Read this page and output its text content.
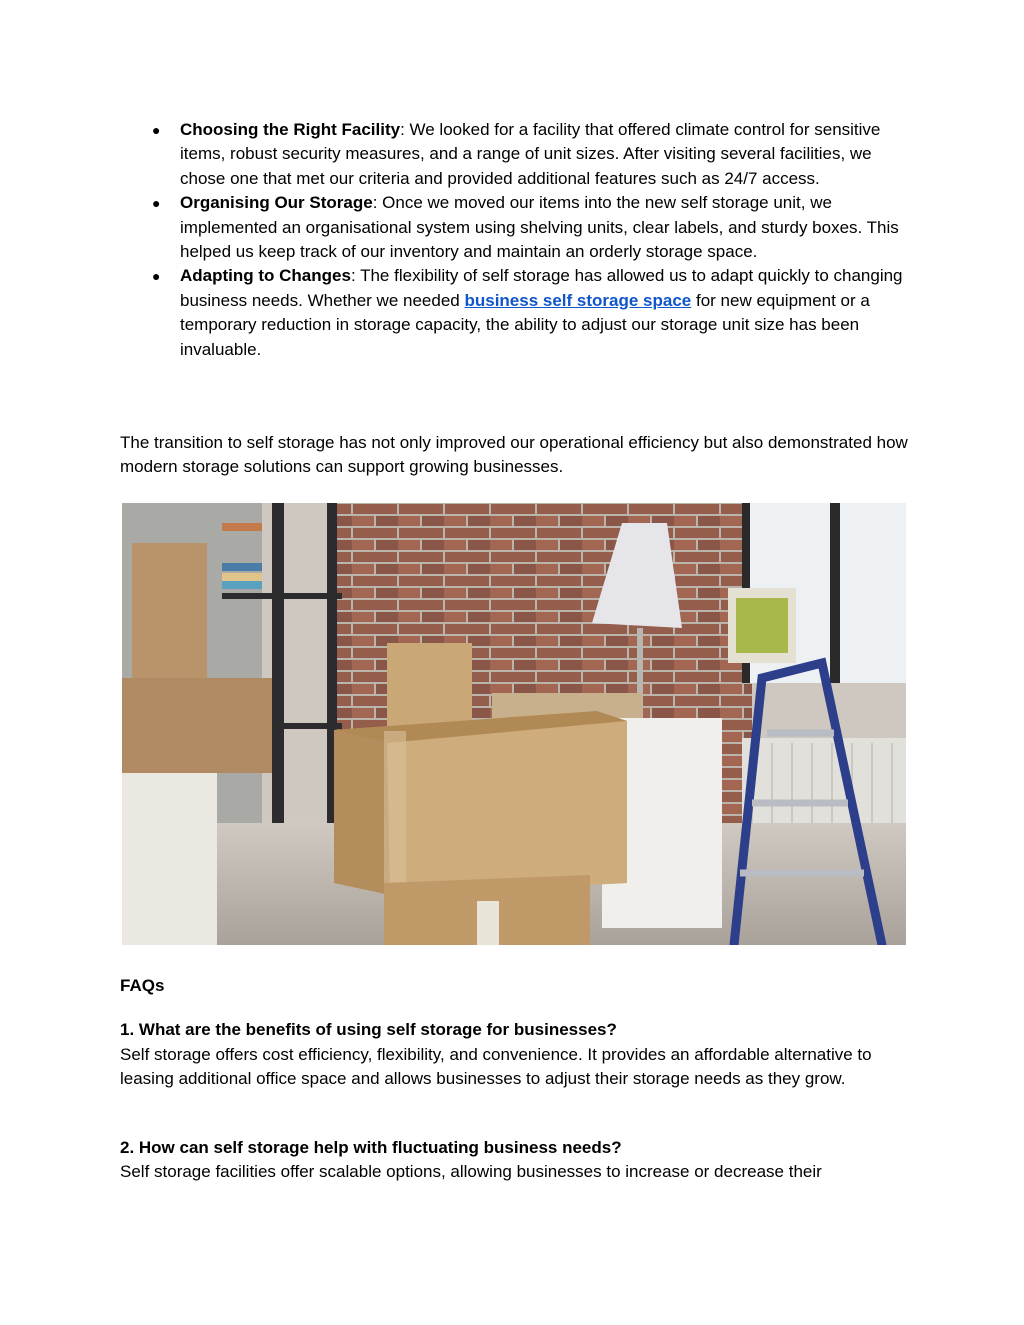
● Choosing the Right Facility: We looked for a facility that offered climate control for sensitive items, robust security measures, and a range of unit sizes. After visiting several facilities, we chose one that met our criteria and provided additional features such as 24/7 access.
● Organising Our Storage: Once we moved our items into the new self storage unit, we implemented an organisational system using shelving units, clear labels, and sturdy boxes. This helped us keep track of our inventory and maintain an orderly storage space.
● Adapting to Changes: The flexibility of self storage has allowed us to adapt quickly to changing business needs. Whether we needed business self storage space for new equipment or a temporary reduction in storage capacity, the ability to adjust our storage unit size has been invaluable.

The transition to self storage has not only improved our operational efficiency but also demonstrated how modern storage solutions can support growing businesses.

FAQs

1. What are the benefits of using self storage for businesses?

Self storage offers cost efficiency, flexibility, and convenience. It provides an affordable alternative to leasing additional office space and allows businesses to adjust their storage needs as they grow.

2. How can self storage help with fluctuating business needs?

Self storage facilities offer scalable options, allowing businesses to increase or decrease their
